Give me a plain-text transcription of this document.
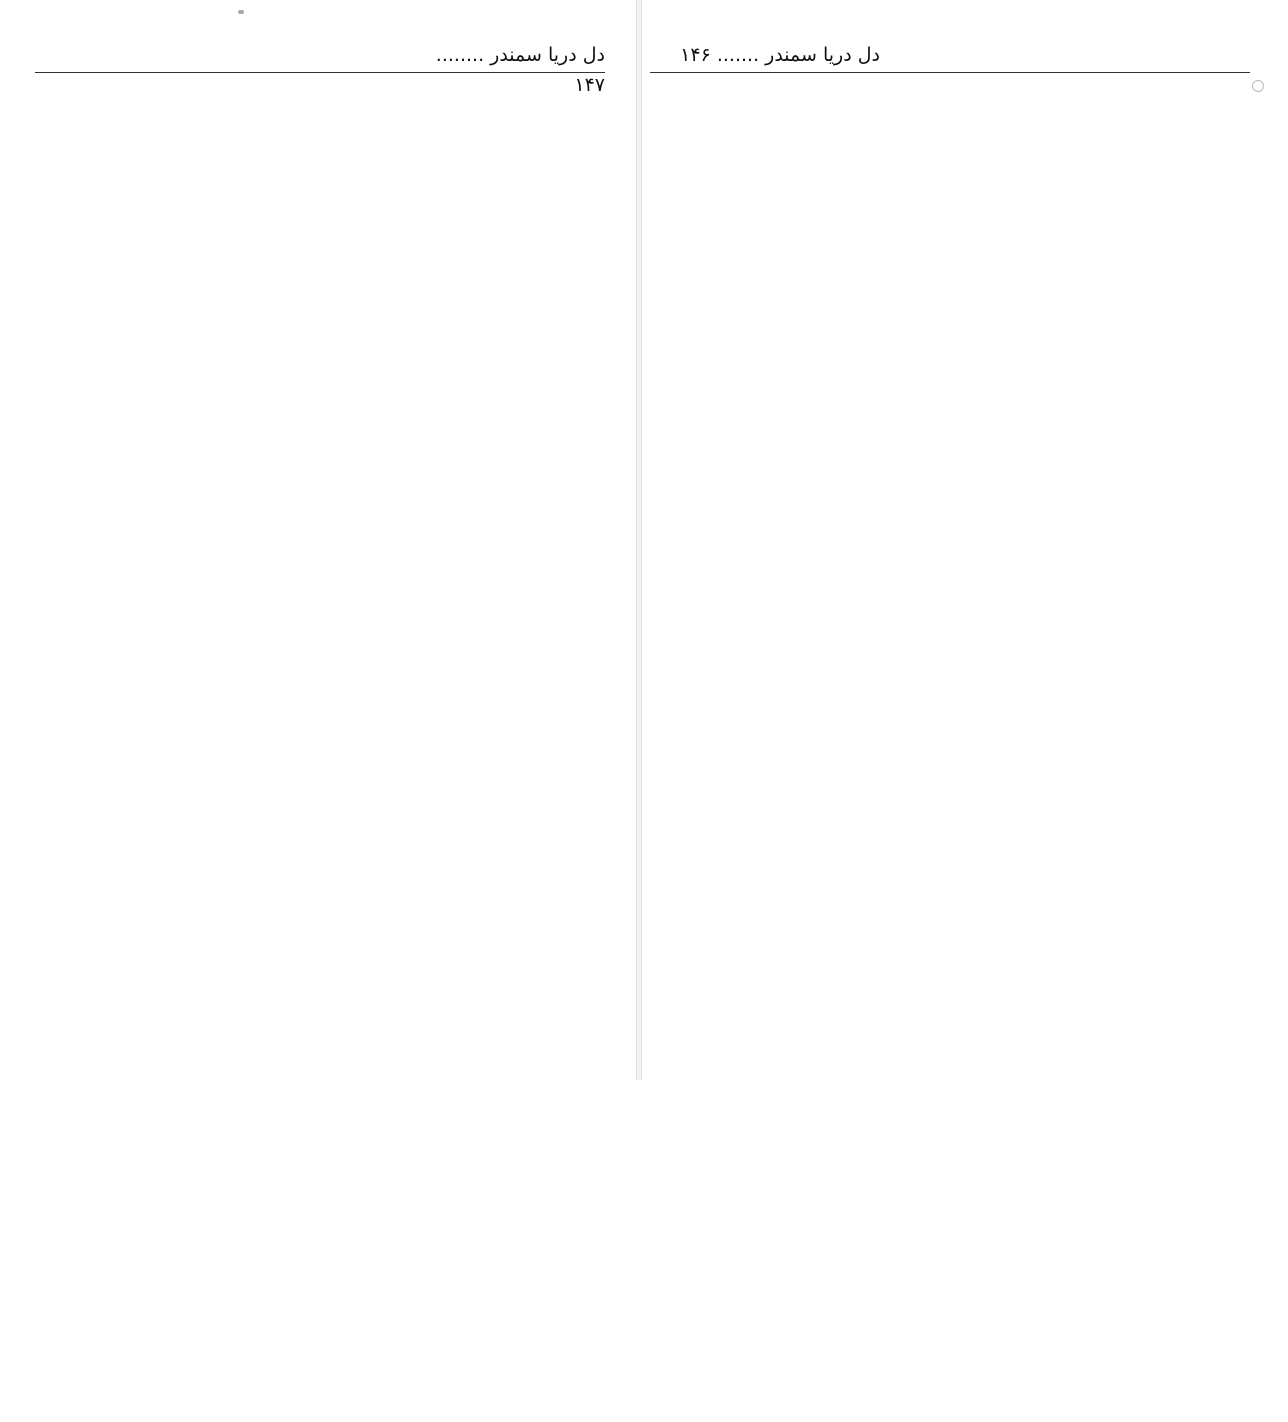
دل دریا سمندر ........ ۱۴۷
دل دریا سمندر ....... ۱۴۶
